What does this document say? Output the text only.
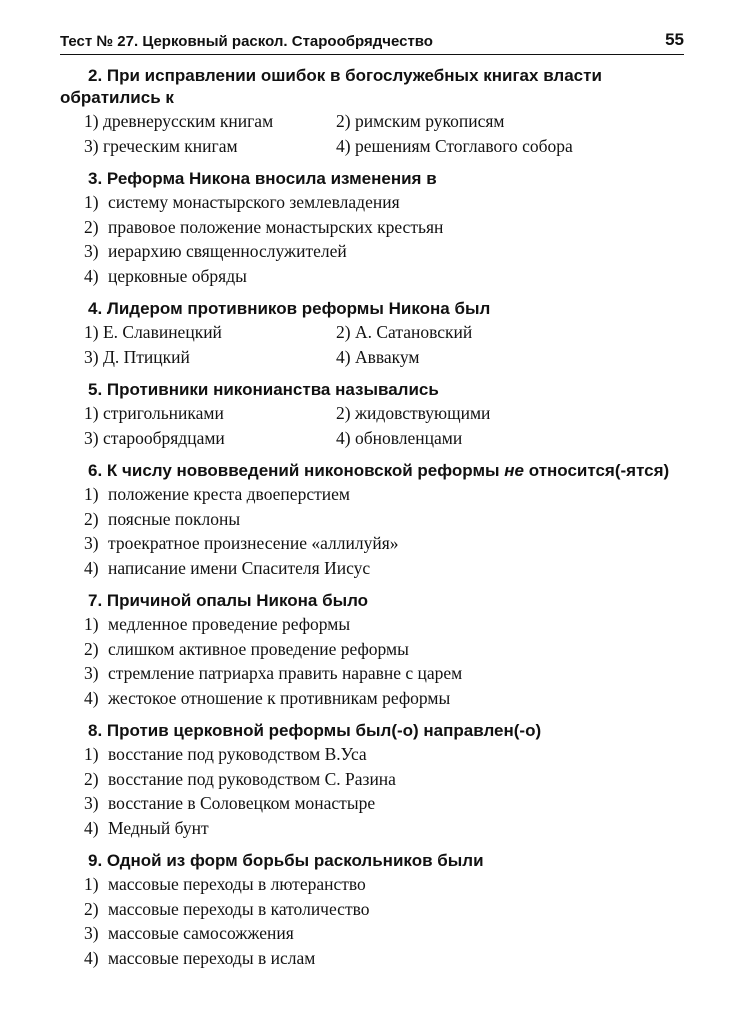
Тест № 27. Церковный раскол. Старообрядчество	55
2. При исправлении ошибок в богослужебных книгах власти обратились к
1) древнерусским книгам	2) римским рукописям
3) греческим книгам	4) решениям Стоглавого собора
3. Реформа Никона вносила изменения в
1) систему монастырского землевладения
2) правовое положение монастырских крестьян
3) иерархию священнослужителей
4) церковные обряды
4. Лидером противников реформы Никона был
1) Е. Славинецкий	2) А. Сатановский
3) Д. Птицкий	4) Аввакум
5. Противники никонианства назывались
1) стригольниками	2) жидовствующими
3) старообрядцами	4) обновленцами
6. К числу нововведений никоновской реформы не относится(-ятся)
1) положение креста двоеперстием
2) поясные поклоны
3) троекратное произнесение «аллилуйя»
4) написание имени Спасителя Иисус
7. Причиной опалы Никона было
1) медленное проведение реформы
2) слишком активное проведение реформы
3) стремление патриарха править наравне с царем
4) жестокое отношение к противникам реформы
8. Против церковной реформы был(-о) направлен(-о)
1) восстание под руководством В.Уса
2) восстание под руководством С. Разина
3) восстание в Соловецком монастыре
4) Медный бунт
9. Одной из форм борьбы раскольников были
1) массовые переходы в лютеранство
2) массовые переходы в католичество
3) массовые самосожжения
4) массовые переходы в ислам
